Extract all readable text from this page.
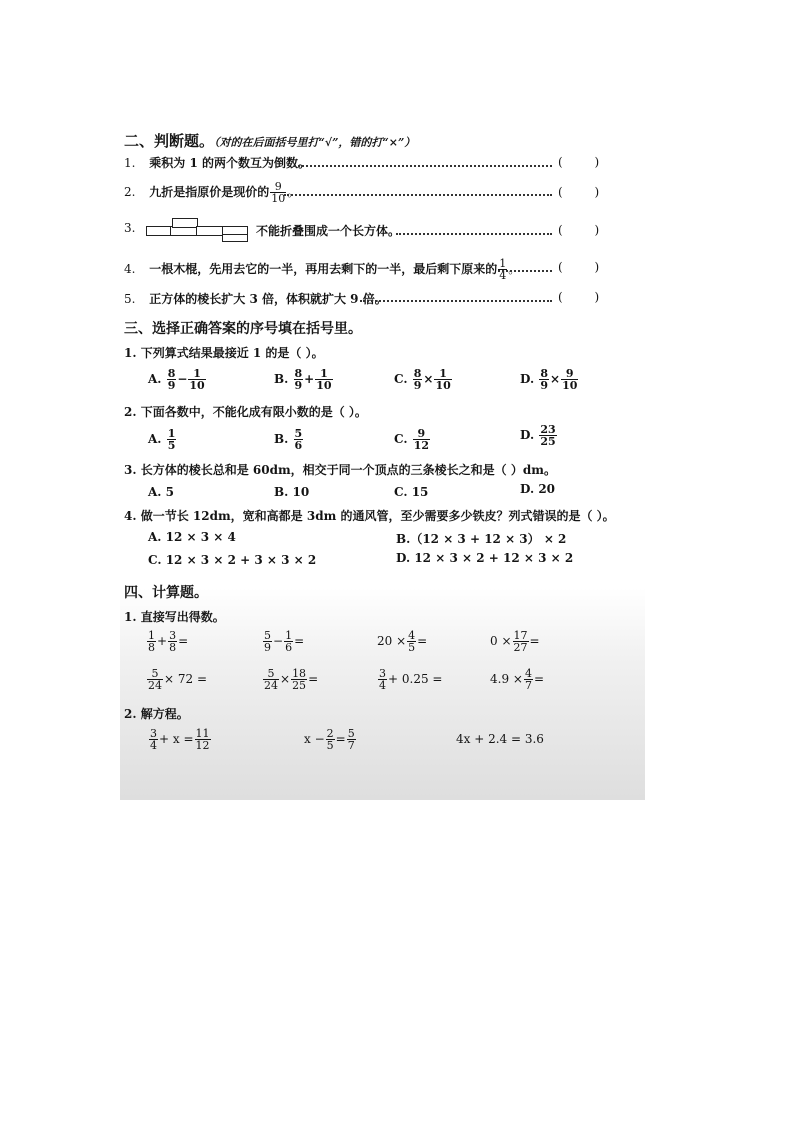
二、判断题。（对的在后面括号里打“√”，错的打“×”）
1. 乘积为 1 的两个数互为倒数。	( )
2. 九折是指原价是现价的 $\frac{9}{10}$ 。	( )
3.	不能折叠围成一个长方体。	( )
4. 一根木棍，先用去它的一半，再用去剩下的一半，最后剩下原来的 $\frac{1}{4}$ 。	( )
5. 正方体的棱长扩大 3 倍，体积就扩大 9 倍。	( )
三、选择正确答案的序号填在括号里。
1. 下列算式结果最接近 1 的是（ ）。
A. $\frac{8}{9} - \frac{1}{10}$	B. $\frac{8}{9} + \frac{1}{10}$	C. $\frac{8}{9} \times \frac{1}{10}$	D. $\frac{8}{9} \times \frac{9}{10}$
2. 下面各数中，不能化成有限小数的是（ ）。
A. $\frac{1}{5}$	B. $\frac{5}{6}$	C. $\frac{9}{12}$	D. $\frac{23}{25}$
3. 长方体的棱长总和是 60dm，相交于同一个顶点的三条棱长之和是（ ）dm。
A. 5	B. 10	C. 15	D. 20
4. 做一节长 12dm，宽和高都是 3dm 的通风管，至少需要多少铁皮？列式错误的是（ ）。
A. 12 × 3 × 4	B.（12 × 3 + 12 × 3） × 2
C. 12 × 3 × 2 + 3 × 3 × 2	D. 12 × 3 × 2 + 12 × 3 × 2
四、计算题。
1. 直接写出得数。
$\frac{1}{8} + \frac{3}{8}$ =	$\frac{5}{9} - \frac{1}{6}$ =	$20 \times \frac{4}{5}$ =	$0 \times \frac{17}{27}$ =
$\frac{5}{24} \times 72$ =	$\frac{5}{24} \times \frac{18}{25}$ =	$\frac{3}{4} + 0.25$ =	$4.9 \times \frac{4}{7}$ =
2. 解方程。
$\frac{3}{4} + x = \frac{11}{12}$	$x - \frac{2}{5} = \frac{5}{7}$	4x + 2.4 = 3.6
